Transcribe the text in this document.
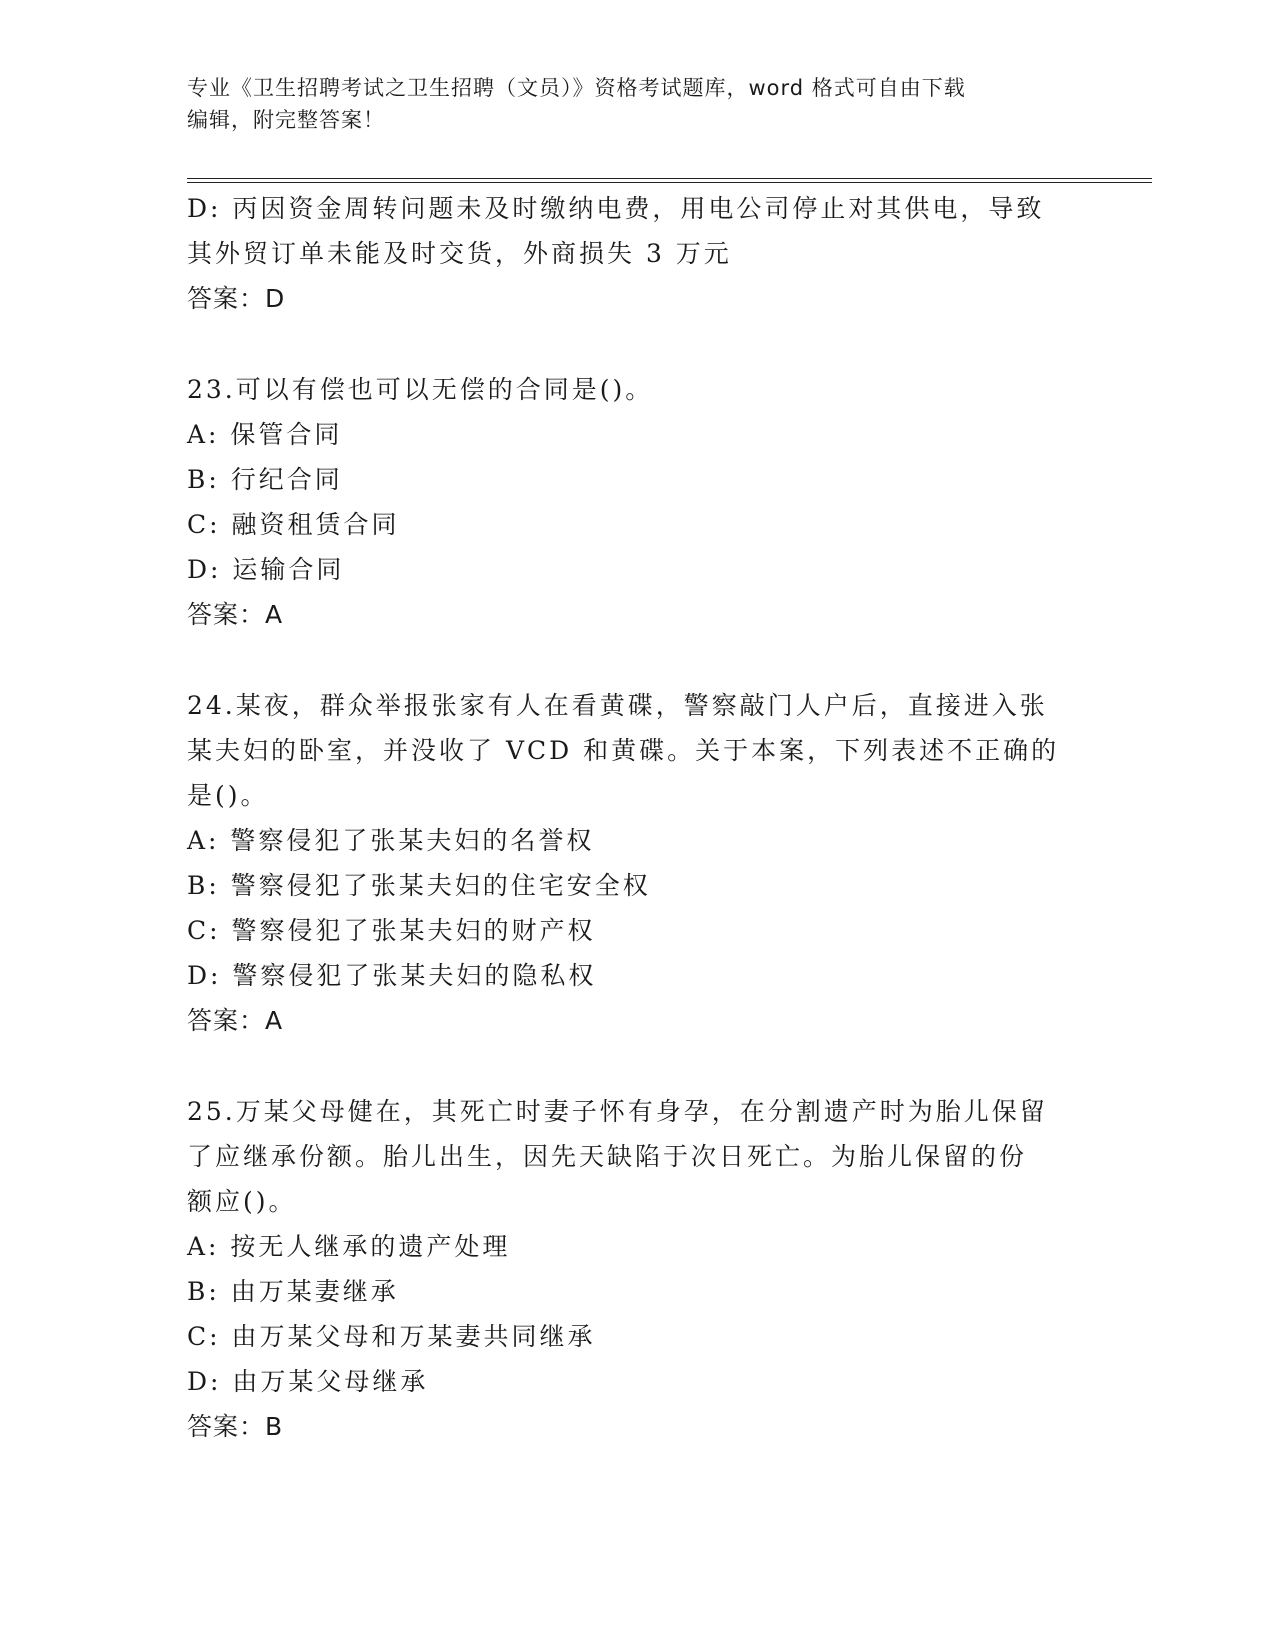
专业《卫生招聘考试之卫生招聘（文员）》资格考试题库，word 格式可自由下载
编辑，附完整答案！
D: 丙因资金周转问题未及时缴纳电费，用电公司停止对其供电，导致
其外贸订单未能及时交货，外商损失 3 万元
答案：D
23.可以有偿也可以无偿的合同是()。
A: 保管合同
B: 行纪合同
C: 融资租赁合同
D: 运输合同
答案：A
24.某夜，群众举报张家有人在看黄碟，警察敲门人户后，直接进入张
某夫妇的卧室，并没收了 VCD 和黄碟。关于本案，下列表述不正确的
是()。
A: 警察侵犯了张某夫妇的名誉权
B: 警察侵犯了张某夫妇的住宅安全权
C: 警察侵犯了张某夫妇的财产权
D: 警察侵犯了张某夫妇的隐私权
答案：A
25.万某父母健在，其死亡时妻子怀有身孕，在分割遗产时为胎儿保留
了应继承份额。胎儿出生，因先天缺陷于次日死亡。为胎儿保留的份
额应()。
A: 按无人继承的遗产处理
B: 由万某妻继承
C: 由万某父母和万某妻共同继承
D: 由万某父母继承
答案：B
